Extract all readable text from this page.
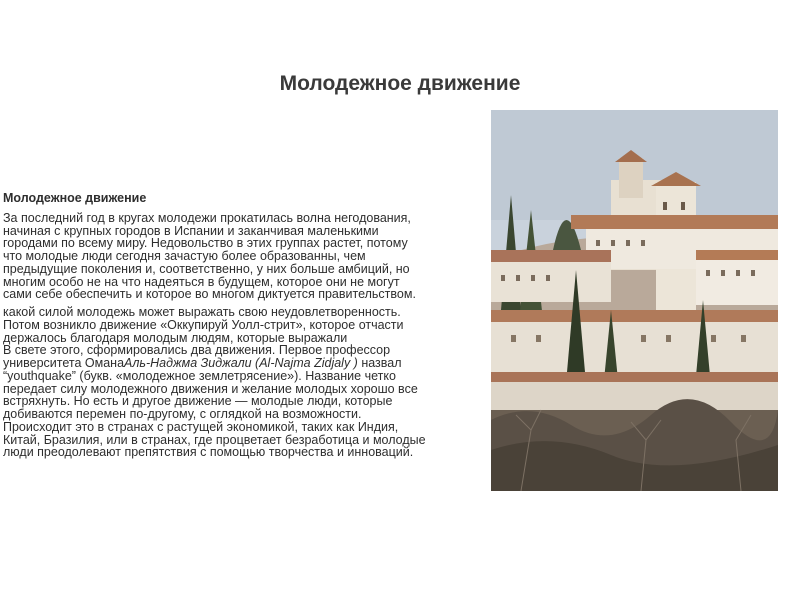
Молодежное движение
Молодежное движение

За последний год в кругах молодежи прокатилась волна негодования, начиная с крупных городов в Испании и заканчивая маленькими городами по всему миру. Недовольство в этих группах растет, потому что молодые люди сегодня зачастую более образованны, чем предыдущие поколения и, соответственно, у них больше амбиций, но многим особо не на что надеяться в будущем, которое они не могут сами себе обеспечить и которое во многом диктуется правительством.

какой силой молодежь может выражать свою неудовлетворенность. Потом возникло движение «Оккупируй Уолл-стрит», которое отчасти держалось благодаря молодым людям, которые выражали

В свете этого, сформировались два движения. Первое профессор университета ОманаАль-Наджма Зиджали (Al-Najma Zidjaly ) назвал “youthquake” (букв. «молодежное землетрясение»). Название четко передает силу молодежного движения и желание молодых хорошо все встряхнуть. Но есть и другое движение — молодые люди, которые добиваются перемен по-другому, с оглядкой на возможности. Происходит это в странах с растущей экономикой, таких как Индия, Китай, Бразилия, или в странах, где процветает безработица и молодые люди преодолевают препятствия с помощью творчества и инноваций.
